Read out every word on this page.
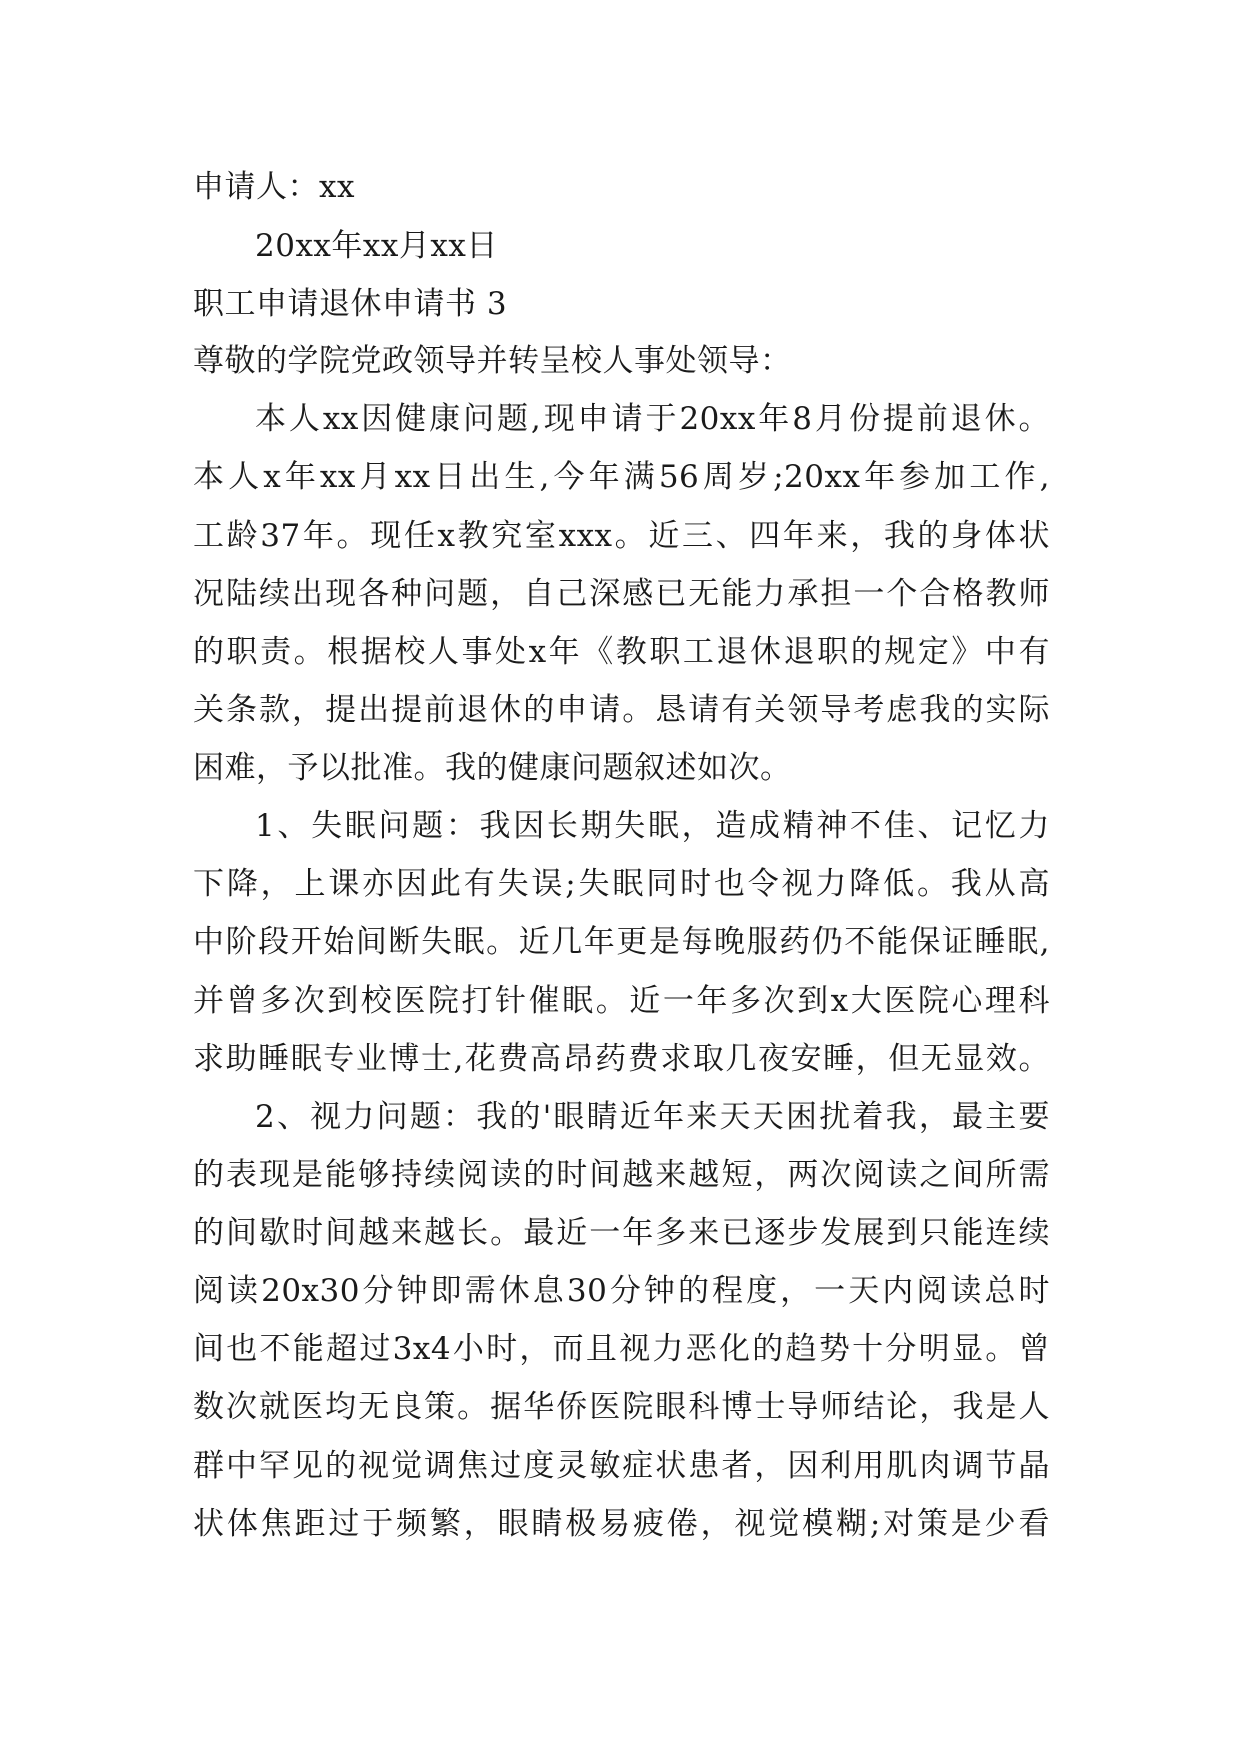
申请人：xx
20xx年xx月xx日
职工申请退休申请书 3
尊敬的学院党政领导并转呈校人事处领导：
本人xx因健康问题,现申请于20xx年8月份提前退休。
本人x年xx月xx日出生,今年满56周岁;20xx年参加工作,
工龄37年。现任x教究室xxx。近三、四年来，我的身体状
况陆续出现各种问题，自己深感已无能力承担一个合格教师
的职责。根据校人事处x年《教职工退休退职的规定》中有
关条款，提出提前退休的申请。恳请有关领导考虑我的实际
困难，予以批准。我的健康问题叙述如次。
1、失眠问题：我因长期失眠，造成精神不佳、记忆力
下降，上课亦因此有失误;失眠同时也令视力降低。我从高
中阶段开始间断失眠。近几年更是每晚服药仍不能保证睡眠,
并曾多次到校医院打针催眠。近一年多次到x大医院心理科
求助睡眠专业博士,花费高昂药费求取几夜安睡，但无显效。
2、视力问题：我的'眼睛近年来天天困扰着我，最主要
的表现是能够持续阅读的时间越来越短，两次阅读之间所需
的间歇时间越来越长。最近一年多来已逐步发展到只能连续
阅读20x30分钟即需休息30分钟的程度，一天内阅读总时
间也不能超过3x4小时，而且视力恶化的趋势十分明显。曾
数次就医均无良策。据华侨医院眼科博士导师结论，我是人
群中罕见的视觉调焦过度灵敏症状患者，因利用肌肉调节晶
状体焦距过于频繁，眼睛极易疲倦，视觉模糊;对策是少看
